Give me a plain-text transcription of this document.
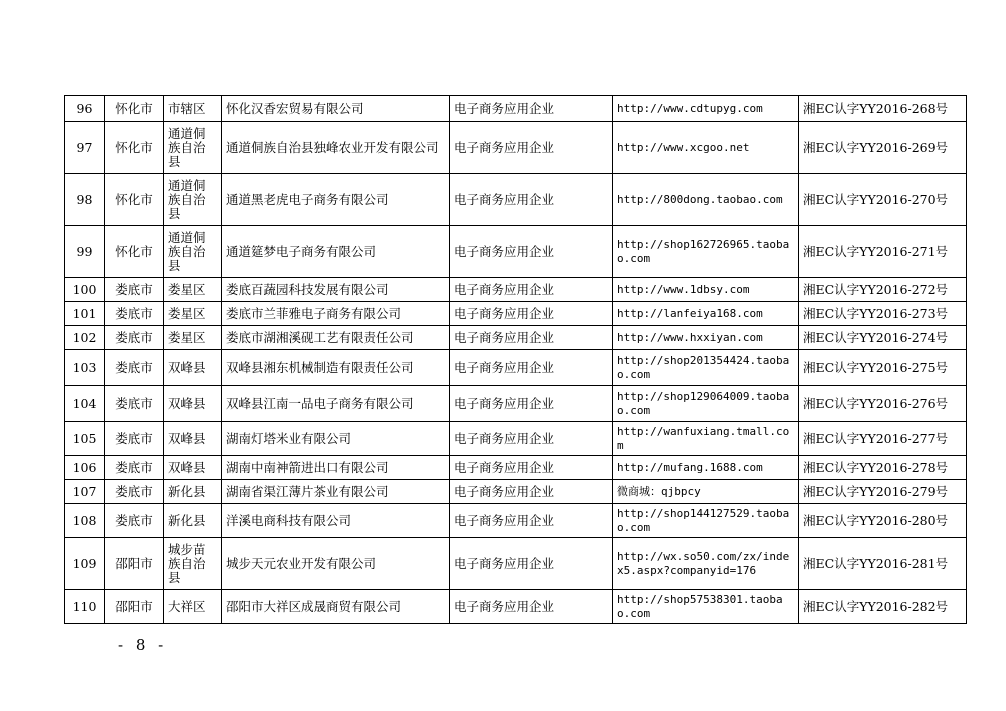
96	怀化市	市辖区	怀化汉香宏贸易有限公司	电子商务应用企业	http://www.cdtupyg.com	湘EC认字YY2016-268号
97	怀化市	通道侗族自治县	通道侗族自治县独峰农业开发有限公司	电子商务应用企业	http://www.xcgoo.net	湘EC认字YY2016-269号
98	怀化市	通道侗族自治县	通道黑老虎电子商务有限公司	电子商务应用企业	http://800dong.taobao.com	湘EC认字YY2016-270号
99	怀化市	通道侗族自治县	通道筵梦电子商务有限公司	电子商务应用企业	http://shop162726965.taobao.com	湘EC认字YY2016-271号
100	娄底市	娄星区	娄底百蔬园科技发展有限公司	电子商务应用企业	http://www.1dbsy.com	湘EC认字YY2016-272号
101	娄底市	娄星区	娄底市兰菲雅电子商务有限公司	电子商务应用企业	http://lanfeiya168.com	湘EC认字YY2016-273号
102	娄底市	娄星区	娄底市湖湘溪砚工艺有限责任公司	电子商务应用企业	http://www.hxxiyan.com	湘EC认字YY2016-274号
103	娄底市	双峰县	双峰县湘东机械制造有限责任公司	电子商务应用企业	http://shop201354424.taobao.com	湘EC认字YY2016-275号
104	娄底市	双峰县	双峰县江南一品电子商务有限公司	电子商务应用企业	http://shop129064009.taobao.com	湘EC认字YY2016-276号
105	娄底市	双峰县	湖南灯塔米业有限公司	电子商务应用企业	http://wanfuxiang.tmall.com	湘EC认字YY2016-277号
106	娄底市	双峰县	湖南中南神箭进出口有限公司	电子商务应用企业	http://mufang.1688.com	湘EC认字YY2016-278号
107	娄底市	新化县	湖南省渠江薄片茶业有限公司	电子商务应用企业	微商城：qjbpcy	湘EC认字YY2016-279号
108	娄底市	新化县	洋溪电商科技有限公司	电子商务应用企业	http://shop144127529.taobao.com	湘EC认字YY2016-280号
109	邵阳市	城步苗族自治县	城步天元农业开发有限公司	电子商务应用企业	http://wx.so50.com/zx/index5.aspx?companyid=176	湘EC认字YY2016-281号
110	邵阳市	大祥区	邵阳市大祥区成晟商贸有限公司	电子商务应用企业	http://shop57538301.taobao.com	湘EC认字YY2016-282号
- 8 -
